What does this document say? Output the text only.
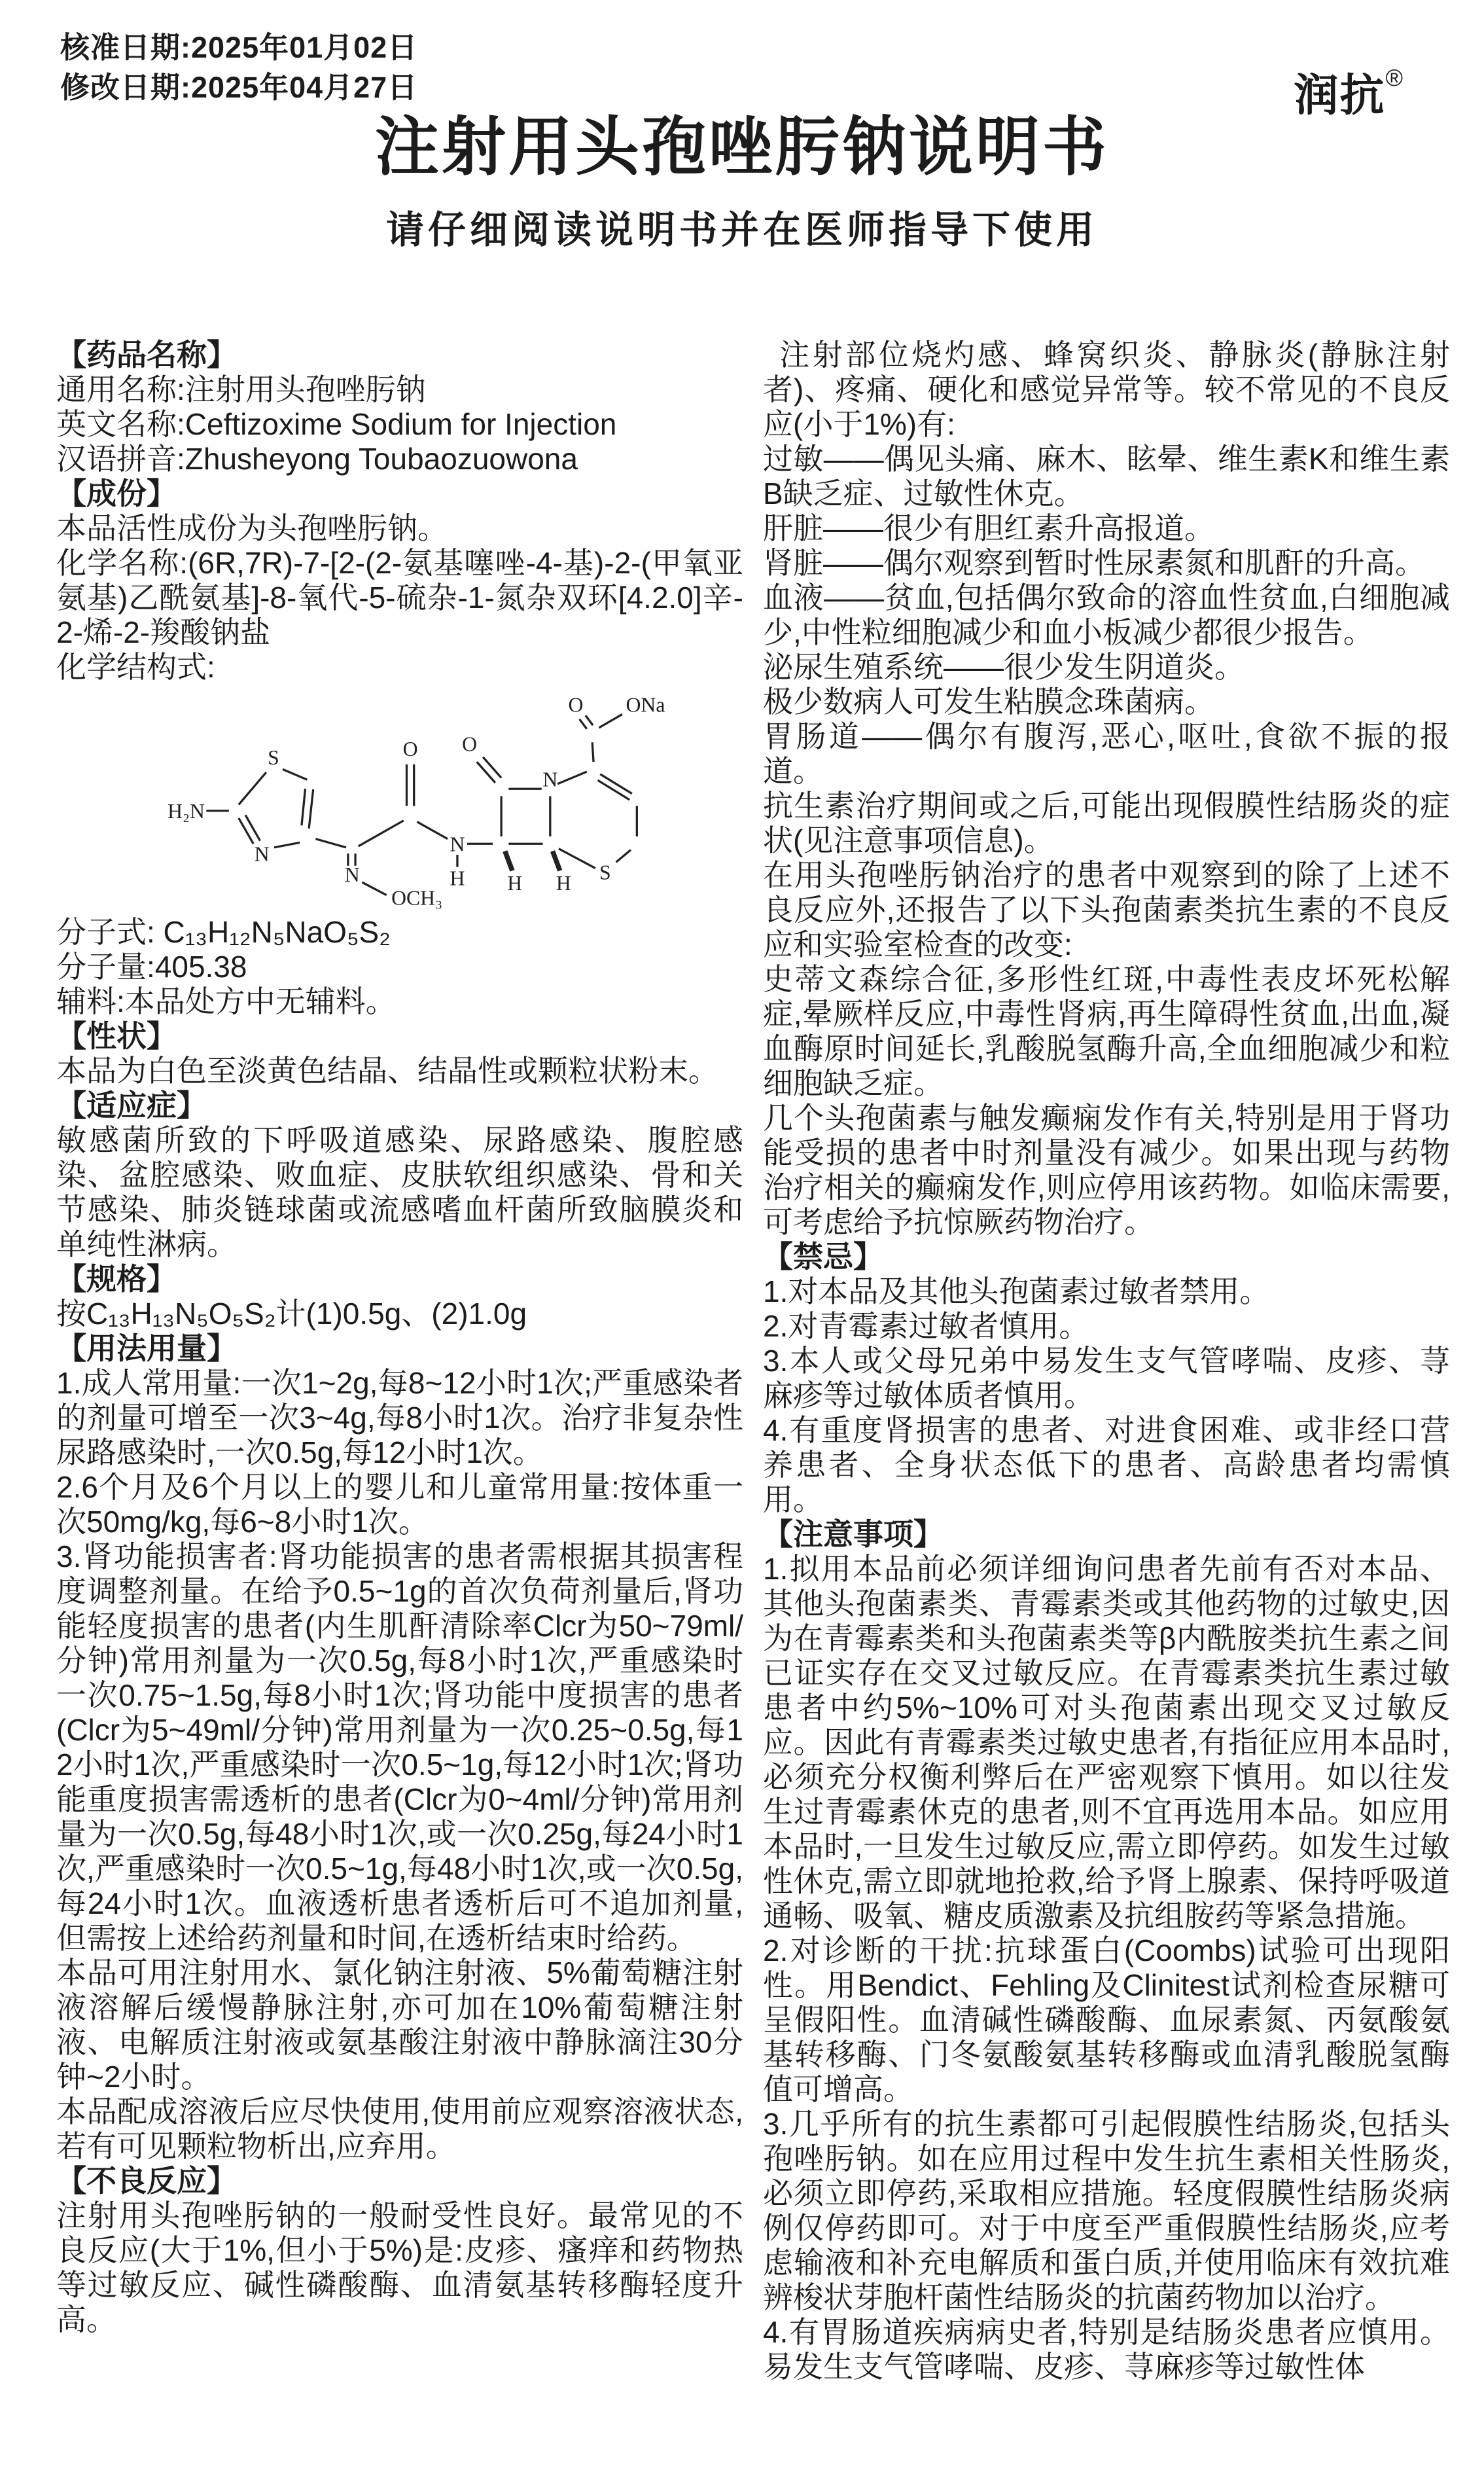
核准日期:2025年01月02日
修改日期:2025年04月27日	润抗®
注射用头孢唑肟钠说明书
请仔细阅读说明书并在医师指导下使用
【药品名称】
通用名称:注射用头孢唑肟钠
英文名称:Ceftizoxime Sodium for Injection
汉语拼音:Zhusheyong Toubaozuowona
【成份】
本品活性成份为头孢唑肟钠。
化学名称:(6R,7R)-7-[2-(2-氨基噻唑-4-基)-2-(甲氧亚氨基)乙酰氨基]-8-氧代-5-硫杂-1-氮杂双环[4.2.0]辛-2-烯-2-羧酸钠盐
化学结构式:
H₂N
S
N
N
OCH₃
O
N
H
O
N
S
H H
O ONa
分子式: C₁₃H₁₂N₅NaO₅S₂
分子量:405.38
辅料:本品处方中无辅料。
【性状】
本品为白色至淡黄色结晶、结晶性或颗粒状粉末。
【适应症】
敏感菌所致的下呼吸道感染、尿路感染、腹腔感染、盆腔感染、败血症、皮肤软组织感染、骨和关节感染、肺炎链球菌或流感嗜血杆菌所致脑膜炎和单纯性淋病。
【规格】
按C₁₃H₁₃N₅O₅S₂计(1)0.5g、(2)1.0g
【用法用量】
1.成人常用量:一次1~2g,每8~12小时1次;严重感染者的剂量可增至一次3~4g,每8小时1次。治疗非复杂性尿路感染时,一次0.5g,每12小时1次。
2.6个月及6个月以上的婴儿和儿童常用量:按体重一次50mg/kg,每6~8小时1次。
3.肾功能损害者:肾功能损害的患者需根据其损害程度调整剂量。在给予0.5~1g的首次负荷剂量后,肾功能轻度损害的患者(内生肌酐清除率Clcr为50~79ml/分钟)常用剂量为一次0.5g,每8小时1次,严重感染时一次0.75~1.5g,每8小时1次;肾功能中度损害的患者(Clcr为5~49ml/分钟)常用剂量为一次0.25~0.5g,每12小时1次,严重感染时一次0.5~1g,每12小时1次;肾功能重度损害需透析的患者(Clcr为0~4ml/分钟)常用剂量为一次0.5g,每48小时1次,或一次0.25g,每24小时1次,严重感染时一次0.5~1g,每48小时1次,或一次0.5g,每24小时1次。血液透析患者透析后可不追加剂量,但需按上述给药剂量和时间,在透析结束时给药。
本品可用注射用水、氯化钠注射液、5%葡萄糖注射液溶解后缓慢静脉注射,亦可加在10%葡萄糖注射液、电解质注射液或氨基酸注射液中静脉滴注30分钟~2小时。
本品配成溶液后应尽快使用,使用前应观察溶液状态,若有可见颗粒物析出,应弃用。
【不良反应】
注射用头孢唑肟钠的一般耐受性良好。最常见的不良反应(大于1%,但小于5%)是:皮疹、瘙痒和药物热等过敏反应、碱性磷酸酶、血清氨基转移酶轻度升高。
注射部位烧灼感、蜂窝织炎、静脉炎(静脉注射者)、疼痛、硬化和感觉异常等。较不常见的不良反应(小于1%)有:
过敏——偶见头痛、麻木、眩晕、维生素K和维生素B缺乏症、过敏性休克。
肝脏——很少有胆红素升高报道。
肾脏——偶尔观察到暂时性尿素氮和肌酐的升高。
血液——贫血,包括偶尔致命的溶血性贫血,白细胞减少,中性粒细胞减少和血小板减少都很少报告。
泌尿生殖系统——很少发生阴道炎。
极少数病人可发生粘膜念珠菌病。
胃肠道——偶尔有腹泻,恶心,呕吐,食欲不振的报道。
抗生素治疗期间或之后,可能出现假膜性结肠炎的症状(见注意事项信息)。
在用头孢唑肟钠治疗的患者中观察到的除了上述不良反应外,还报告了以下头孢菌素类抗生素的不良反应和实验室检查的改变:
史蒂文森综合征,多形性红斑,中毒性表皮坏死松解症,晕厥样反应,中毒性肾病,再生障碍性贫血,出血,凝血酶原时间延长,乳酸脱氢酶升高,全血细胞减少和粒细胞缺乏症。
几个头孢菌素与触发癫痫发作有关,特别是用于肾功能受损的患者中时剂量没有减少。如果出现与药物治疗相关的癫痫发作,则应停用该药物。如临床需要,可考虑给予抗惊厥药物治疗。
【禁忌】
1.对本品及其他头孢菌素过敏者禁用。
2.对青霉素过敏者慎用。
3.本人或父母兄弟中易发生支气管哮喘、皮疹、荨麻疹等过敏体质者慎用。
4.有重度肾损害的患者、对进食困难、或非经口营养患者、全身状态低下的患者、高龄患者均需慎用。
【注意事项】
1.拟用本品前必须详细询问患者先前有否对本品、其他头孢菌素类、青霉素类或其他药物的过敏史,因为在青霉素类和头孢菌素类等β内酰胺类抗生素之间已证实存在交叉过敏反应。在青霉素类抗生素过敏患者中约5%~10%可对头孢菌素出现交叉过敏反应。因此有青霉素类过敏史患者,有指征应用本品时,必须充分权衡利弊后在严密观察下慎用。如以往发生过青霉素休克的患者,则不宜再选用本品。如应用本品时,一旦发生过敏反应,需立即停药。如发生过敏性休克,需立即就地抢救,给予肾上腺素、保持呼吸道通畅、吸氧、糖皮质激素及抗组胺药等紧急措施。
2.对诊断的干扰:抗球蛋白(Coombs)试验可出现阳性。用Bendict、Fehling及Clinitest试剂检查尿糖可呈假阳性。血清碱性磷酸酶、血尿素氮、丙氨酸氨基转移酶、门冬氨酸氨基转移酶或血清乳酸脱氢酶值可增高。
3.几乎所有的抗生素都可引起假膜性结肠炎,包括头孢唑肟钠。如在应用过程中发生抗生素相关性肠炎,必须立即停药,采取相应措施。轻度假膜性结肠炎病例仅停药即可。对于中度至严重假膜性结肠炎,应考虑输液和补充电解质和蛋白质,并使用临床有效抗难辨梭状芽胞杆菌性结肠炎的抗菌药物加以治疗。
4.有胃肠道疾病病史者,特别是结肠炎患者应慎用。易发生支气管哮喘、皮疹、荨麻疹等过敏性体
